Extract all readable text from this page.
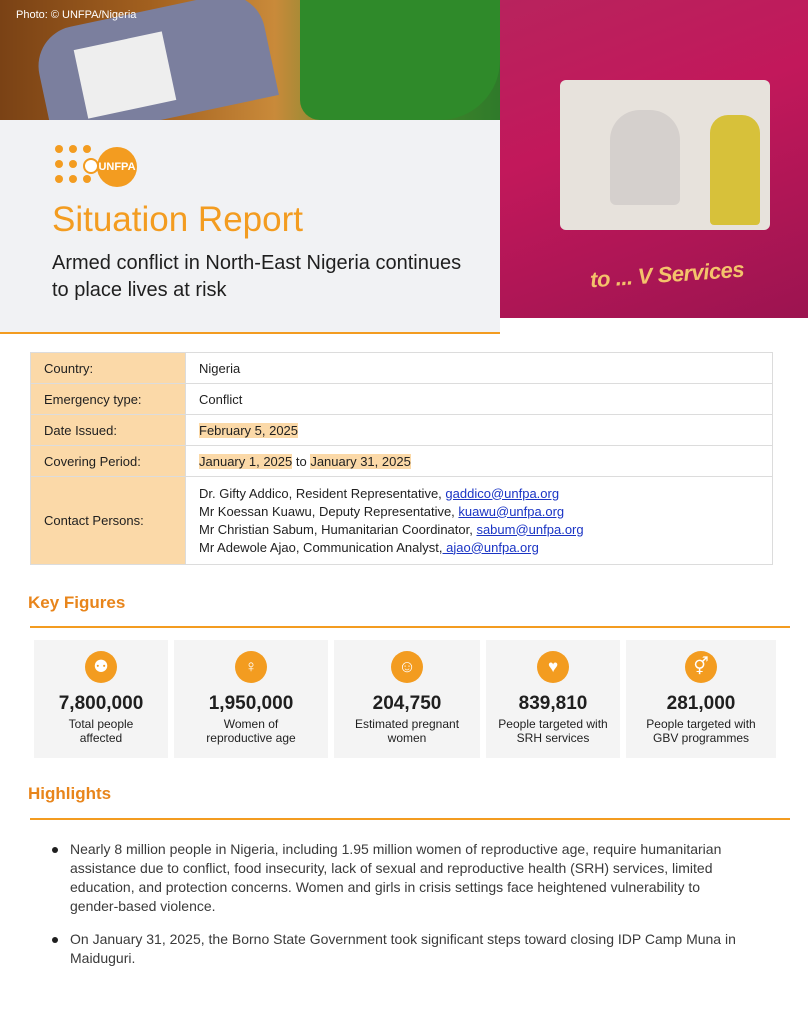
to ... V Services
Photo: © UNFPA/Nigeria
UNFPA
Situation Report
Armed conflict in North-East Nigeria continues to place lives at risk
Country:	Nigeria
Emergency type:	Conflict
Date Issued:	February 5, 2025
Covering Period:	January 1, 2025 to January 31, 2025
Contact Persons:	Dr. Gifty Addico, Resident Representative, gaddico@unfpa.org
Mr Koessan Kuawu, Deputy Representative, kuawu@unfpa.org
Mr Christian Sabum, Humanitarian Coordinator, sabum@unfpa.org
Mr Adewole Ajao, Communication Analyst, ajao@unfpa.org
Key Figures
⚉
7,800,000
Total people
affected
♀
1,950,000
Women of
reproductive age
☺
204,750
Estimated pregnant
women
♥
839,810
People targeted with
SRH services
⚥
281,000
People targeted with
GBV programmes
Highlights
Nearly 8 million people in Nigeria, including 1.95 million women of reproductive age, require humanitarian assistance due to conflict, food insecurity, lack of sexual and reproductive health (SRH) services, limited education, and protection concerns. Women and girls in crisis settings face heightened vulnerability to gender-based violence.
On January 31, 2025, the Borno State Government took significant steps toward closing IDP Camp Muna in Maiduguri.
